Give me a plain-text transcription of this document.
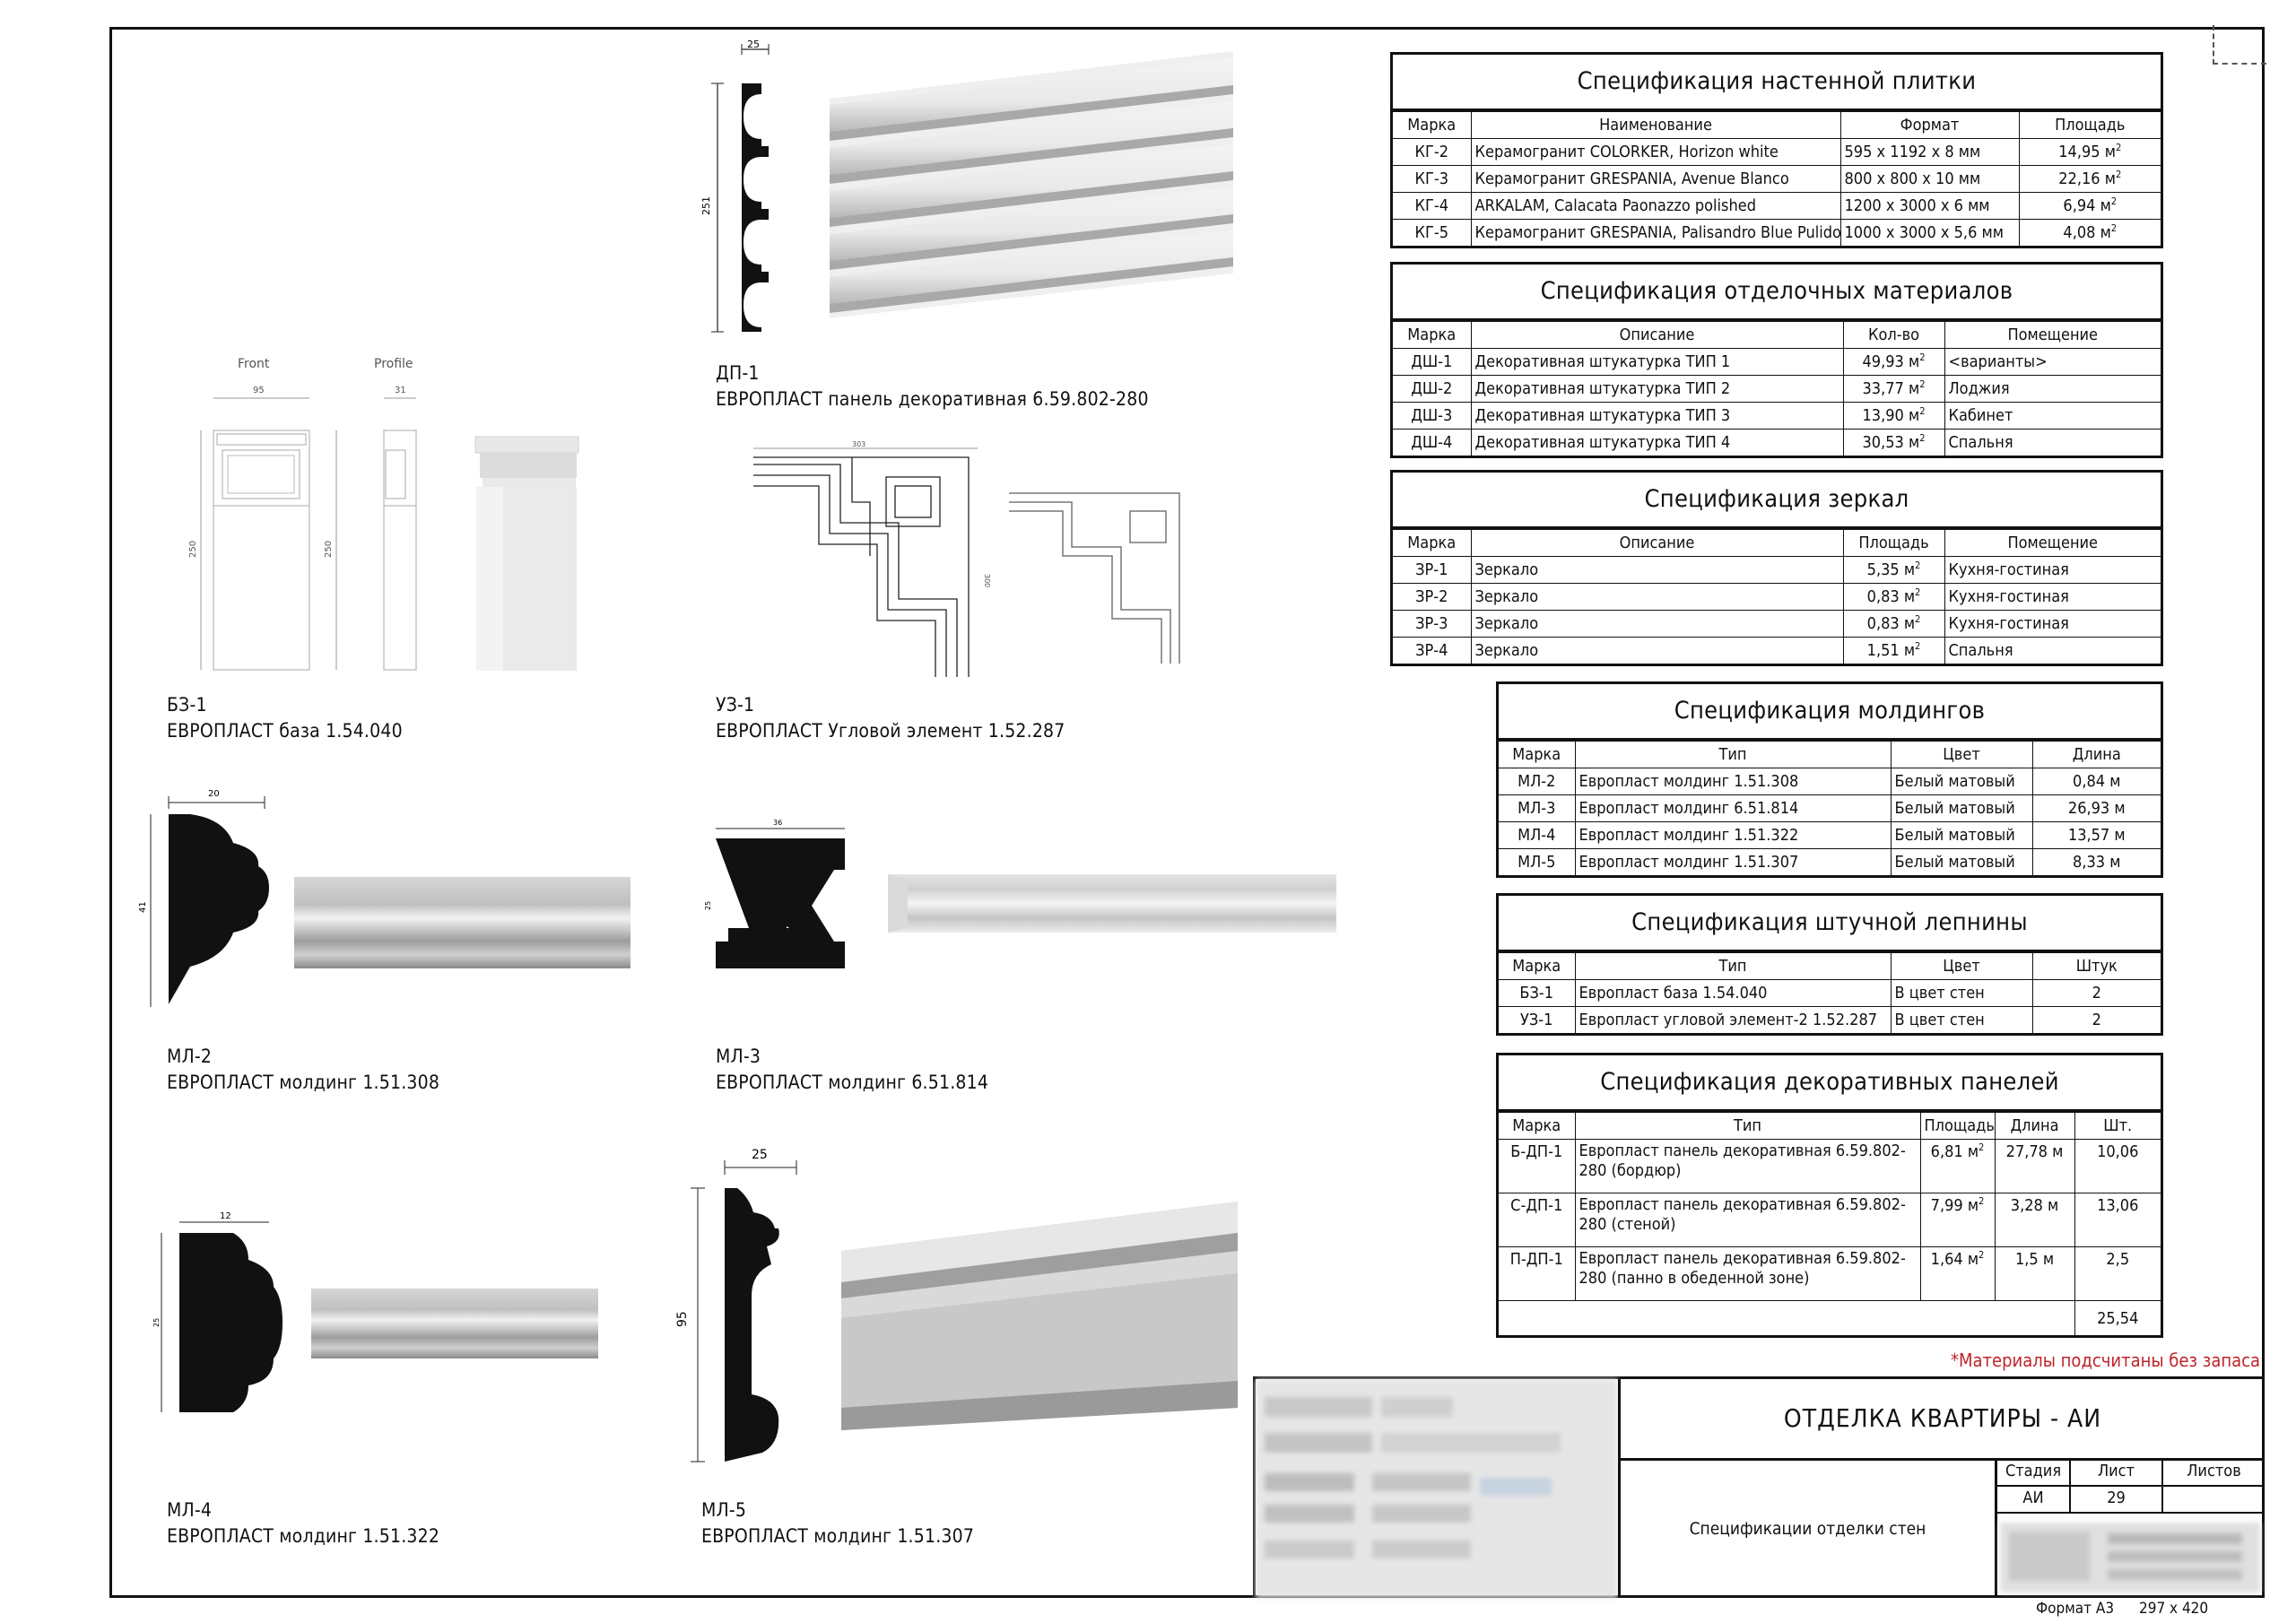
Спецификация настенной плитки
Марка	Наименование	Формат	Площадь
КГ-2	Керамогранит COLORKER, Horizon white	595 х 1192 х 8 мм	14,95 $м^2$
КГ-3	Керамогранит GRESPANIA, Avenue Blanco	800 х 800 х 10 мм	22,16 $м^2$
КГ-4	ARKALAM, Calacata Paonazzo polished	1200 х 3000 х 6 мм	6,94 $м^2$
КГ-5	Керамогранит GRESPANIA, Palisandro Blue Pulido	1000 х 3000 х 5,6 мм	4,08 $м^2$
Спецификация отделочных материалов
Марка	Описание	Кол-во	Помещение
ДШ-1	Декоративная штукатурка ТИП 1	49,93 $м^2$	<варианты>
ДШ-2	Декоративная штукатурка ТИП 2	33,77 $м^2$	Лоджия
ДШ-3	Декоративная штукатурка ТИП 3	13,90 $м^2$	Кабинет
ДШ-4	Декоративная штукатурка ТИП 4	30,53 $м^2$	Спальня
Спецификация зеркал
Марка	Описание	Площадь	Помещение
ЗР-1	Зеркало	5,35 $м^2$	Кухня-гостиная
ЗР-2	Зеркало	0,83 $м^2$	Кухня-гостиная
ЗР-3	Зеркало	0,83 $м^2$	Кухня-гостиная
ЗР-4	Зеркало	1,51 $м^2$	Спальня
Спецификация молдингов
Марка	Тип	Цвет	Длина
МЛ-2	Европласт молдинг 1.51.308	Белый матовый	0,84 м
МЛ-3	Европласт молдинг 6.51.814	Белый матовый	26,93 м
МЛ-4	Европласт молдинг 1.51.322	Белый матовый	13,57 м
МЛ-5	Европласт молдинг 1.51.307	Белый матовый	8,33 м
Спецификация штучной лепнины
Марка	Тип	Цвет	Штук
БЗ-1	Европласт база 1.54.040	В цвет стен	2
УЗ-1	Европласт угловой элемент-2 1.52.287	В цвет стен	2
Спецификация декоративных панелей
Марка	Тип	Площадь	Длина	Шт.
Б-ДП-1	Европласт панель декоративная 6.59.802-280 (бордюр)	6,81 $м^2$	27,78 м	10,06
С-ДП-1	Европласт панель декоративная 6.59.802-280 (стеной)	7,99 $м^2$	3,28 м	13,06
П-ДП-1	Европласт панель декоративная 6.59.802-280 (панно в обеденной зоне)	1,64 $м^2$	1,5 м	2,5
				25,54
*Материалы подсчитаны без запаса
25
251
ДП-1
ЕВРОПЛАСТ панель декоративная 6.59.802-280
Front	Profile
95	31
250	250
БЗ-1
ЕВРОПЛАСТ база 1.54.040
303
300
УЗ-1
ЕВРОПЛАСТ Угловой элемент 1.52.287
20
41
МЛ-2
ЕВРОПЛАСТ молдинг 1.51.308
36
25
МЛ-3
ЕВРОПЛАСТ молдинг 6.51.814
12
25
МЛ-4
ЕВРОПЛАСТ молдинг 1.51.322
25
95
МЛ-5
ЕВРОПЛАСТ молдинг 1.51.307
ОТДЕЛКА КВАРТИРЫ - АИ
Спецификации отделки стен
Стадия	Лист	Листов
АИ	29
Формат А3 297 х 420
